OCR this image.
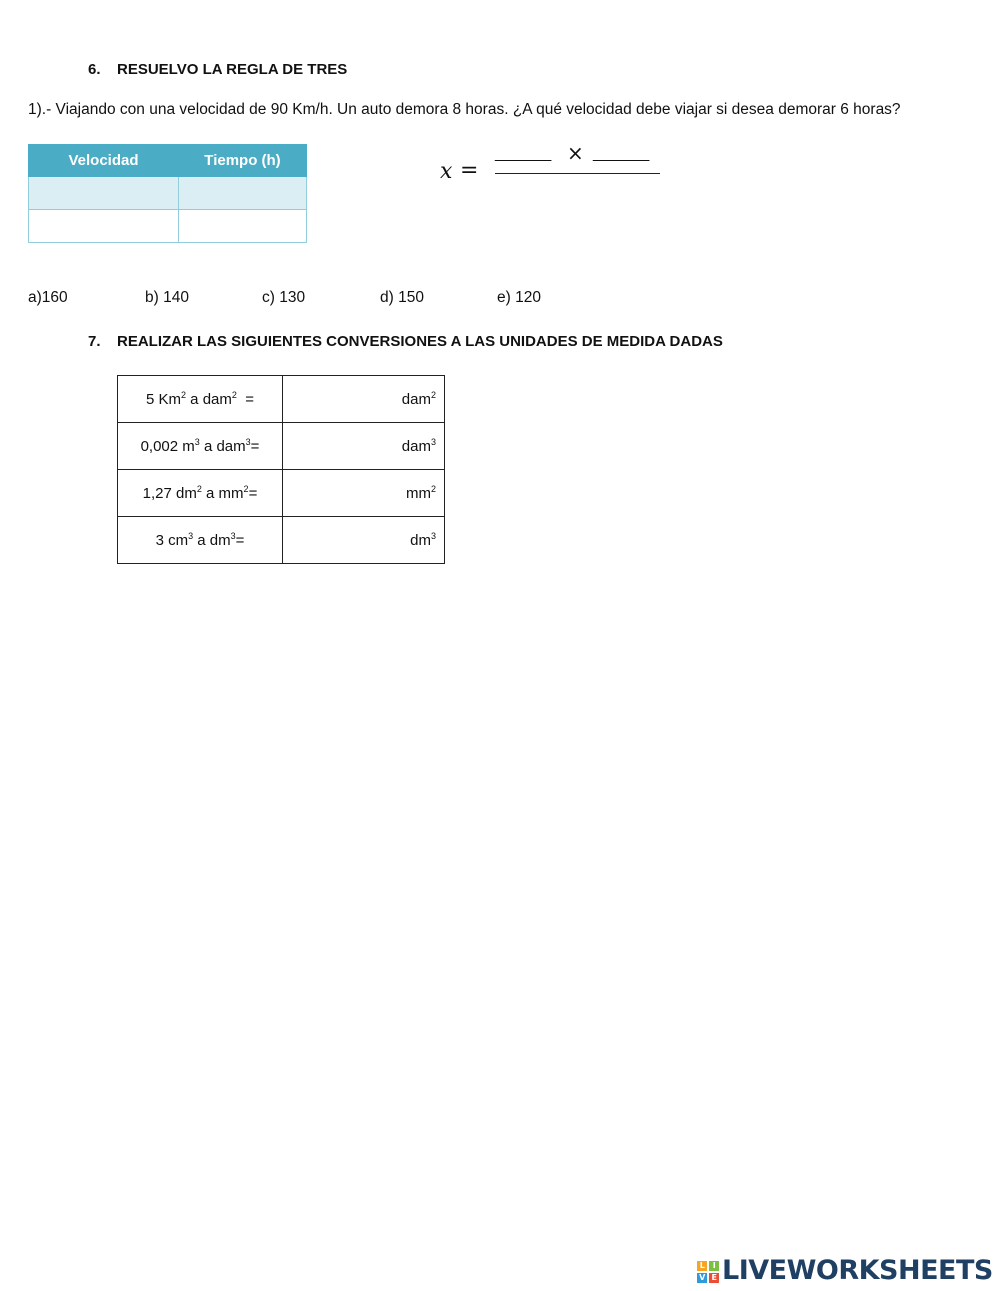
6. RESUELVO LA REGLA DE TRES
1).- Viajando con una velocidad de 90 Km/h. Un auto demora 8 horas. ¿A qué velocidad debe viajar si desea demorar 6 horas?
Velocidad	Tiempo (h)

		x =
_______ × _______
a)160	b) 140	c) 130	d) 150	e) 120
7. REALIZAR LAS SIGUIENTES CONVERSIONES A LAS UNIDADES DE MEDIDA DADAS
5 Km$^2$ a dam$^2$  =	dam$^2$
0,002 $m^3$ a dam$^3$=	dam$^3$
1,27 $dm^2$ a $mm^2=$	$mm^2$
3 $cm^3$ a $dm^3=$	$dm^3$
L	I
V E LIVEWORKSHEETS
